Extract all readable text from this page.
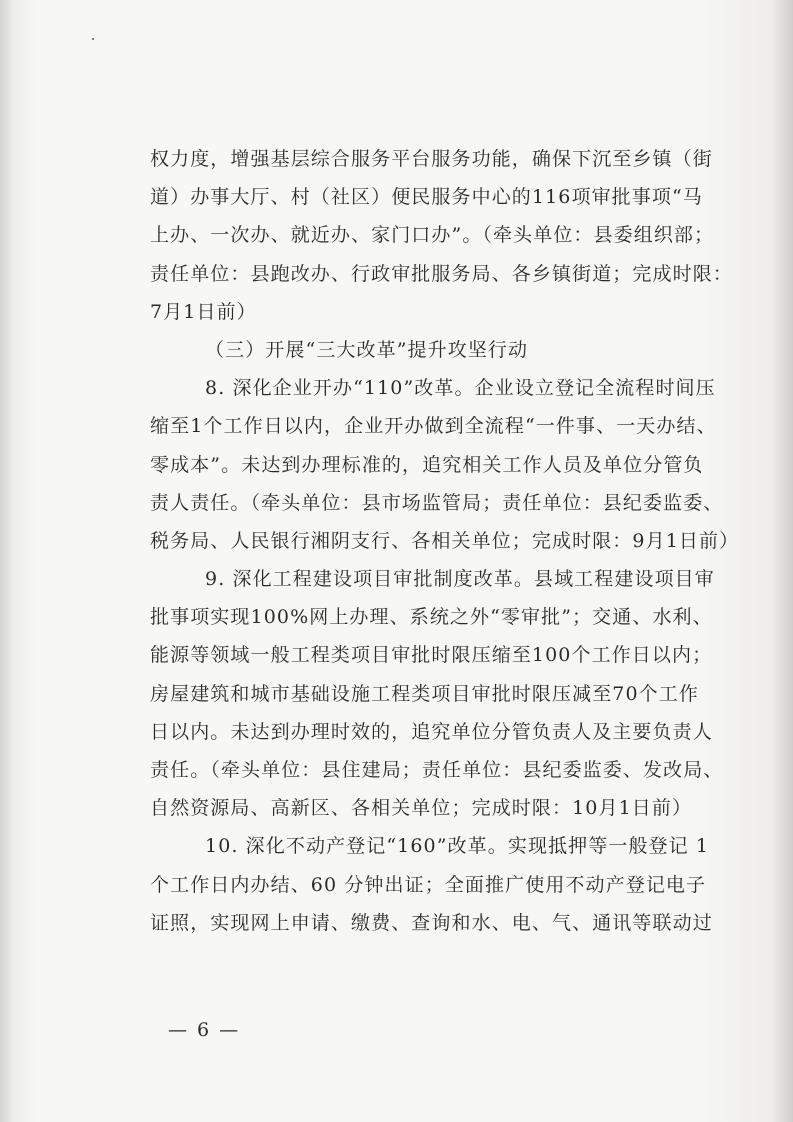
权力度，增强基层综合服务平台服务功能，确保下沉至乡镇（街
道）办事大厅、村（社区）便民服务中心的116项审批事项“马
上办、一次办、就近办、家门口办”。（牵头单位：县委组织部；
责任单位：县跑改办、行政审批服务局、各乡镇街道；完成时限：
7月1日前）
（三）开展“三大改革”提升攻坚行动
8. 深化企业开办“110”改革。企业设立登记全流程时间压
缩至1个工作日以内，企业开办做到全流程“一件事、一天办结、
零成本”。未达到办理标准的，追究相关工作人员及单位分管负
责人责任。（牵头单位：县市场监管局；责任单位：县纪委监委、
税务局、人民银行湘阴支行、各相关单位；完成时限：9月1日前）
9. 深化工程建设项目审批制度改革。县域工程建设项目审
批事项实现100%网上办理、系统之外“零审批”；交通、水利、
能源等领域一般工程类项目审批时限压缩至100个工作日以内；
房屋建筑和城市基础设施工程类项目审批时限压减至70个工作
日以内。未达到办理时效的，追究单位分管负责人及主要负责人
责任。（牵头单位：县住建局；责任单位：县纪委监委、发改局、
自然资源局、高新区、各相关单位；完成时限：10月1日前）
10. 深化不动产登记“160”改革。实现抵押等一般登记 1
个工作日内办结、60 分钟出证；全面推广使用不动产登记电子
证照，实现网上申请、缴费、查询和水、电、气、通讯等联动过
— 6 —
